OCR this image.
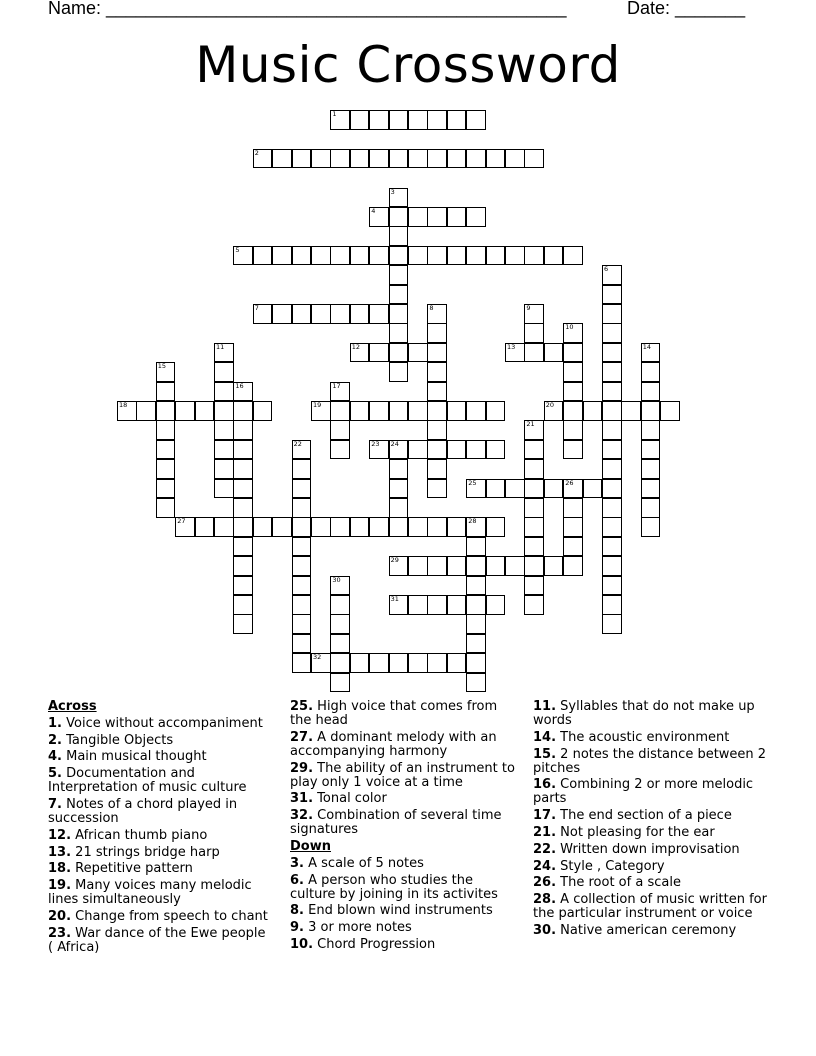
Name: ______________________________________________	Date: _______
Music Crossword
1
2
3
4
5
6
7	8	9
10
11	12	13	14
15
16	17
18	19	20
21
22	23 24
25	26
27	28
29
30
31
32

Across

1. Voice without accompaniment

2. Tangible Objects

4. Main musical thought

5. Documentation and Interpretation of music culture

7. Notes of a chord played in succession

12. African thumb piano

13. 21 strings bridge harp

18. Repetitive pattern

19. Many voices many melodic lines simultaneously

20. Change from speech to chant

23. War dance of the Ewe people ( Africa)

25. High voice that comes from the head

27. A dominant melody with an accompanying harmony

29. The ability of an instrument to play only 1 voice at a time

31. Tonal color

32. Combination of several time signatures

Down

3. A scale of 5 notes

6. A person who studies the culture by joining in its activites

8. End blown wind instruments

9. 3 or more notes

10. Chord Progression

11. Syllables that do not make up words

14. The acoustic environment

15. 2 notes the distance between 2 pitches

16. Combining 2 or more melodic parts

17. The end section of a piece

21. Not pleasing for the ear

22. Written down improvisation

24. Style , Category

26. The root of a scale

28. A collection of music written for the particular instrument or voice

30. Native american ceremony
